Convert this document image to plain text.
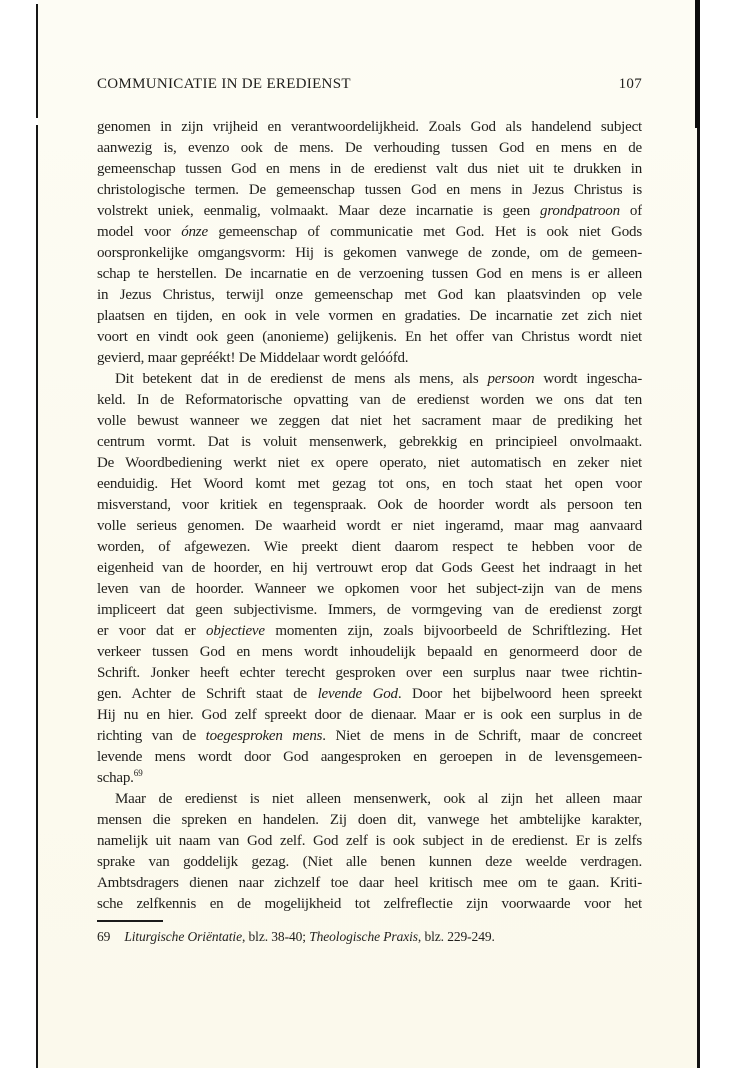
COMMUNICATIE IN DE EREDIENST	107
genomen in zijn vrijheid en verantwoordelijkheid. Zoals God als handelend subject
aanwezig is, evenzo ook de mens. De verhouding tussen God en mens en de
gemeenschap tussen God en mens in de eredienst valt dus niet uit te drukken in
christologische termen. De gemeenschap tussen God en mens in Jezus Christus is
volstrekt uniek, eenmalig, volmaakt. Maar deze incarnatie is geen grondpatroon of
model voor ónze gemeenschap of communicatie met God. Het is ook niet Gods
oorspronkelijke omgangsvorm: Hij is gekomen vanwege de zonde, om de gemeen-
schap te herstellen. De incarnatie en de verzoening tussen God en mens is er alleen
in Jezus Christus, terwijl onze gemeenschap met God kan plaatsvinden op vele
plaatsen en tijden, en ook in vele vormen en gradaties. De incarnatie zet zich niet
voort en vindt ook geen (anonieme) gelijkenis. En het offer van Christus wordt niet
gevierd, maar gepréékt! De Middelaar wordt gelóófd.
Dit betekent dat in de eredienst de mens als mens, als persoon wordt ingescha-
keld. In de Reformatorische opvatting van de eredienst worden we ons dat ten
volle bewust wanneer we zeggen dat niet het sacrament maar de prediking het
centrum vormt. Dat is voluit mensenwerk, gebrekkig en principieel onvolmaakt.
De Woordbediening werkt niet ex opere operato, niet automatisch en zeker niet
eenduidig. Het Woord komt met gezag tot ons, en toch staat het open voor
misverstand, voor kritiek en tegenspraak. Ook de hoorder wordt als persoon ten
volle serieus genomen. De waarheid wordt er niet ingeramd, maar mag aanvaard
worden, of afgewezen. Wie preekt dient daarom respect te hebben voor de
eigenheid van de hoorder, en hij vertrouwt erop dat Gods Geest het indraagt in het
leven van de hoorder. Wanneer we opkomen voor het subject-zijn van de mens
impliceert dat geen subjectivisme. Immers, de vormgeving van de eredienst zorgt
er voor dat er objectieve momenten zijn, zoals bijvoorbeeld de Schriftlezing. Het
verkeer tussen God en mens wordt inhoudelijk bepaald en genormeerd door de
Schrift. Jonker heeft echter terecht gesproken over een surplus naar twee richtin-
gen. Achter de Schrift staat de levende God. Door het bijbelwoord heen spreekt
Hij nu en hier. God zelf spreekt door de dienaar. Maar er is ook een surplus in de
richting van de toegesproken mens. Niet de mens in de Schrift, maar de concreet
levende mens wordt door God aangesproken en geroepen in de levensgemeen-
schap.$^{69}$
Maar de eredienst is niet alleen mensenwerk, ook al zijn het alleen maar
mensen die spreken en handelen. Zij doen dit, vanwege het ambtelijke karakter,
namelijk uit naam van God zelf. God zelf is ook subject in de eredienst. Er is zelfs
sprake van goddelijk gezag. (Niet alle benen kunnen deze weelde verdragen.
Ambtsdragers dienen naar zichzelf toe daar heel kritisch mee om te gaan. Kriti-
sche zelfkennis en de mogelijkheid tot zelfreflectie zijn voorwaarde voor het
69 Liturgische Oriëntatie, blz. 38-40; Theologische Praxis, blz. 229-249.
